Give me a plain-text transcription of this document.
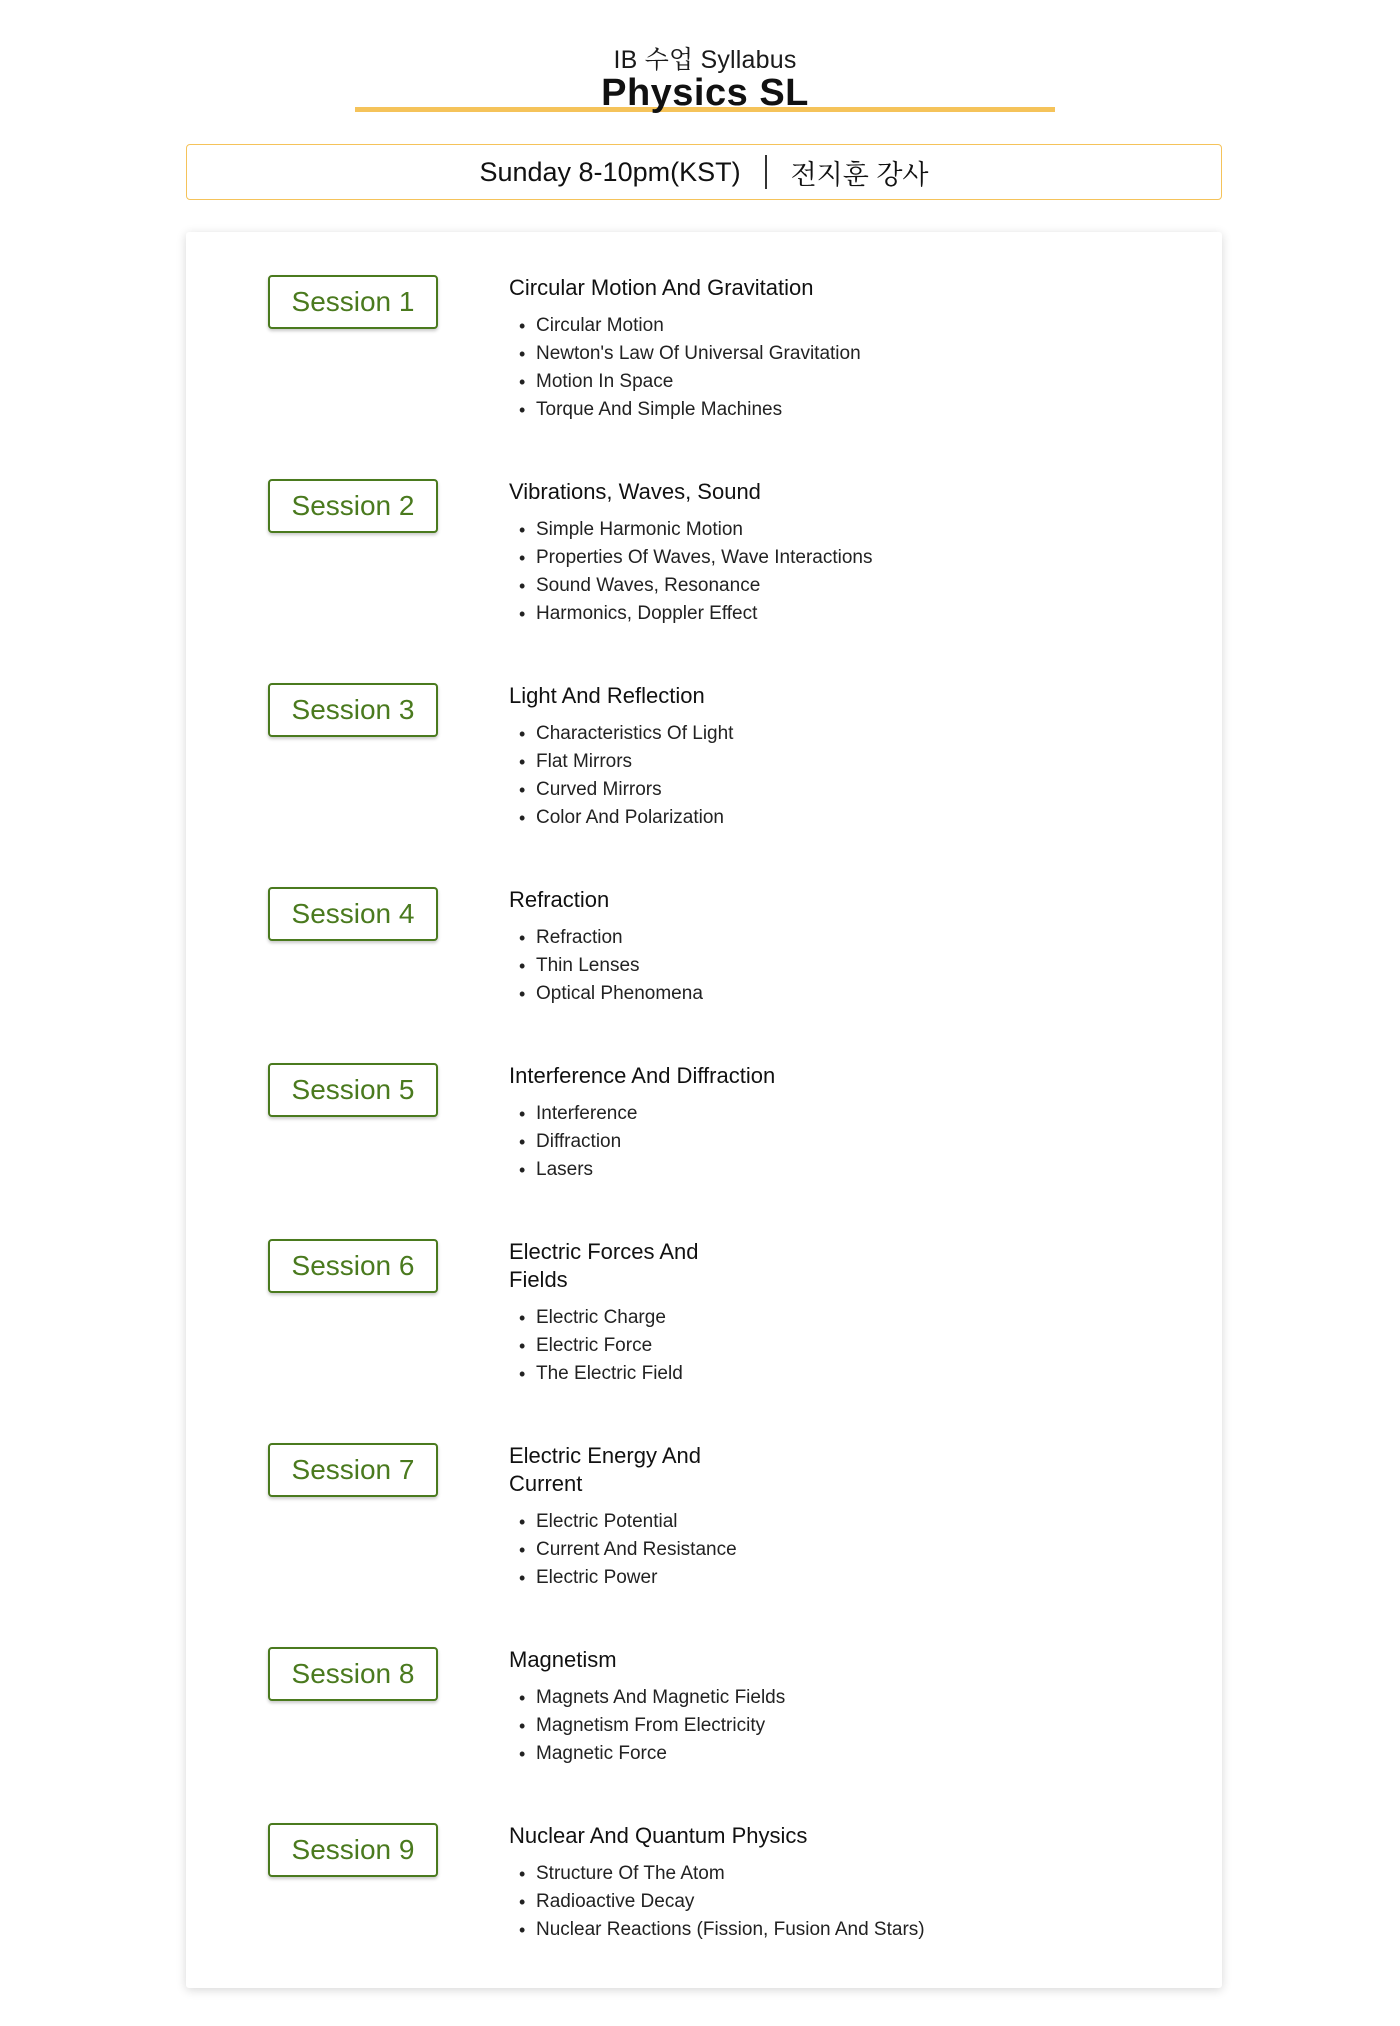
IB 수업 Syllabus
Physics SL
Sunday 8-10pm(KST) 전지훈 강사
Session 1	Circular Motion And Gravitation
• Circular Motion
• Newton's Law Of Universal Gravitation
• Motion In Space
• Torque And Simple Machines
Session 2	Vibrations, Waves, Sound
• Simple Harmonic Motion
• Properties Of Waves, Wave Interactions
• Sound Waves, Resonance
• Harmonics, Doppler Effect
Session 3	Light And Reflection
• Characteristics Of Light
• Flat Mirrors
• Curved Mirrors
• Color And Polarization
Session 4	Refraction
• Refraction
• Thin Lenses
• Optical Phenomena
Session 5	Interference And Diffraction
• Interference
• Diffraction
• Lasers
Session 6	Electric Forces And Fields
• Electric Charge
• Electric Force
• The Electric Field
Session 7	Electric Energy And Current
• Electric Potential
• Current And Resistance
• Electric Power
Session 8	Magnetism
• Magnets And Magnetic Fields
• Magnetism From Electricity
• Magnetic Force
Session 9	Nuclear And Quantum Physics
• Structure Of The Atom
• Radioactive Decay
• Nuclear Reactions (Fission, Fusion And Stars)
